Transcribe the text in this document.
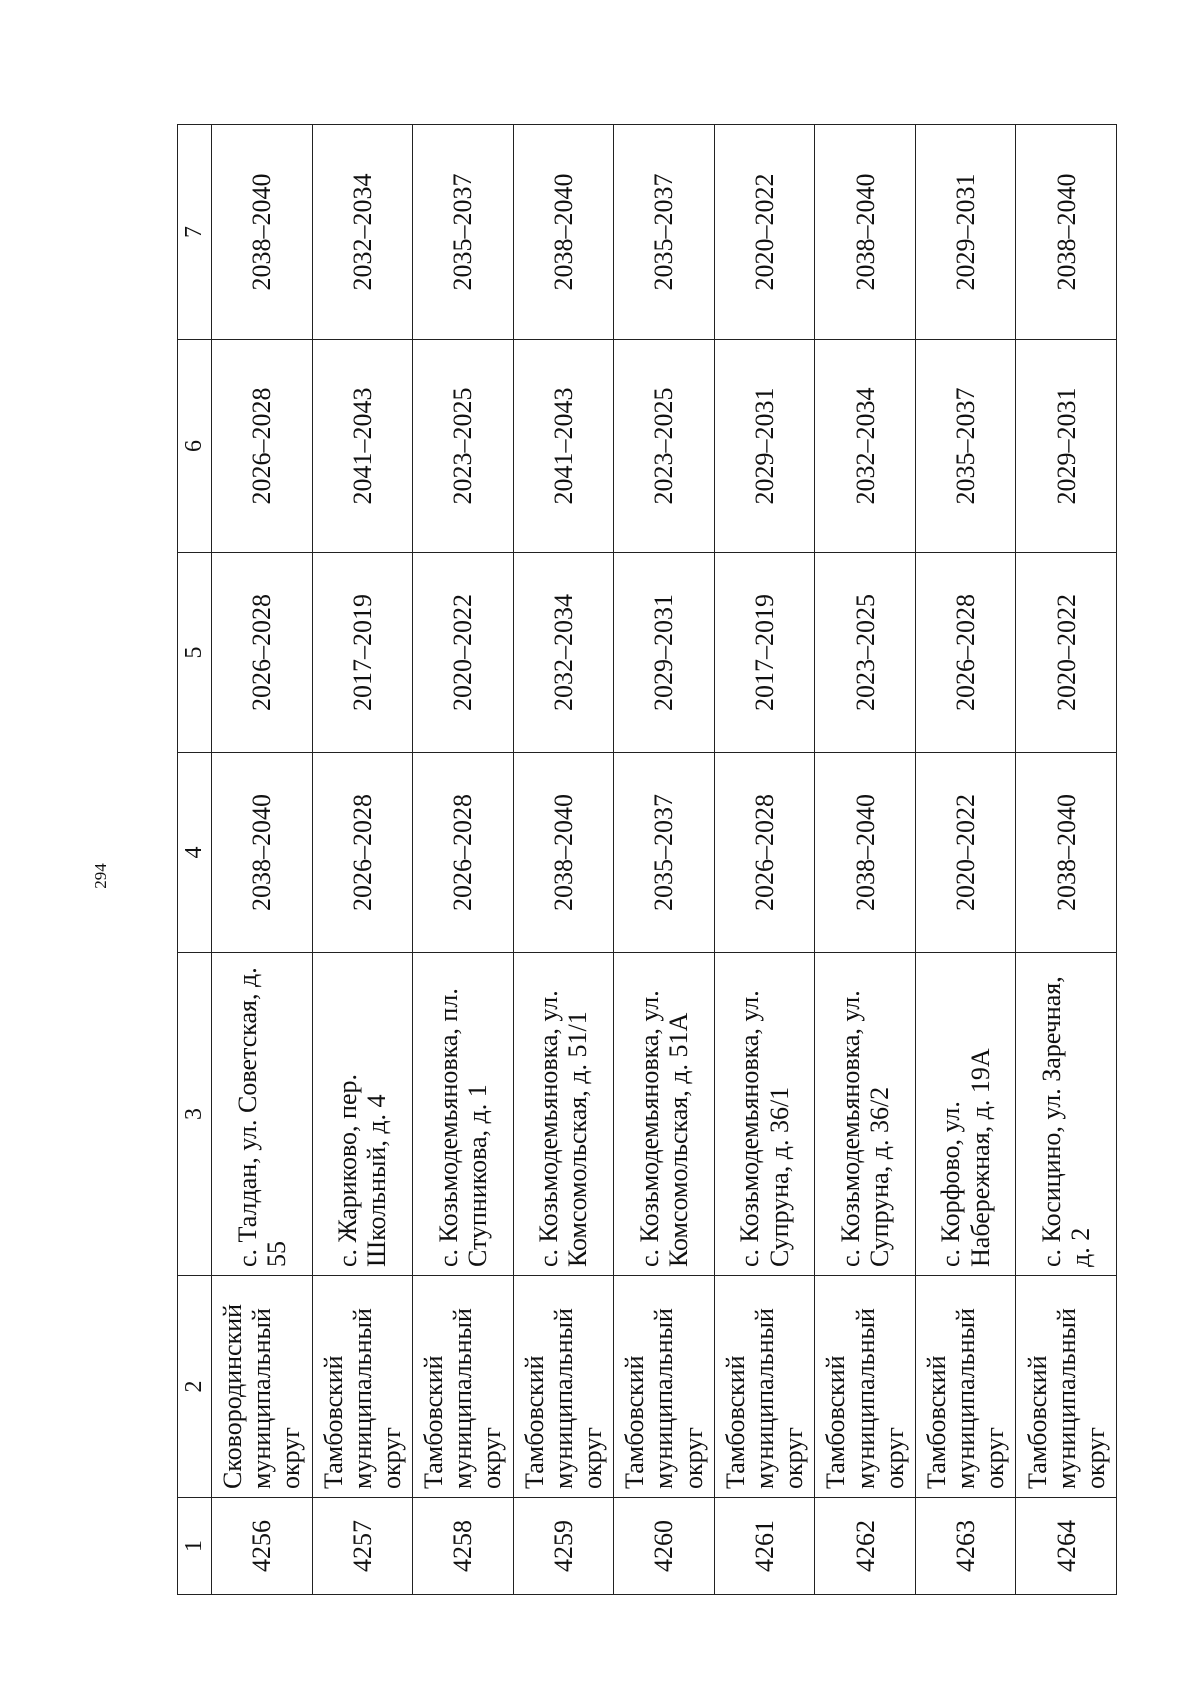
294
1	2	3	4	5	6	7
4256	Сковородинский муниципальный округ	с. Талдан, ул. Советская, д. 55	2038–2040	2026–2028	2026–2028	2038–2040
4257	Тамбовский муниципальный округ	с. Жариково, пер. Школьный, д. 4	2026–2028	2017–2019	2041–2043	2032–2034
4258	Тамбовский муниципальный округ	с. Козьмодемьяновка, пл. Ступникова, д. 1	2026–2028	2020–2022	2023–2025	2035–2037
4259	Тамбовский муниципальный округ	с. Козьмодемьяновка, ул. Комсомольская, д. 51/1	2038–2040	2032–2034	2041–2043	2038–2040
4260	Тамбовский муниципальный округ	с. Козьмодемьяновка, ул. Комсомольская, д. 51А	2035–2037	2029–2031	2023–2025	2035–2037
4261	Тамбовский муниципальный округ	с. Козьмодемьяновка, ул. Супруна, д. 36/1	2026–2028	2017–2019	2029–2031	2020–2022
4262	Тамбовский муниципальный округ	с. Козьмодемьяновка, ул. Супруна, д. 36/2	2038–2040	2023–2025	2032–2034	2038–2040
4263	Тамбовский муниципальный округ	с. Корфово, ул. Набережная, д. 19А	2020–2022	2026–2028	2035–2037	2029–2031
4264	Тамбовский муниципальный округ	с. Косицино, ул. Заречная, д. 2	2038–2040	2020–2022	2029–2031	2038–2040
